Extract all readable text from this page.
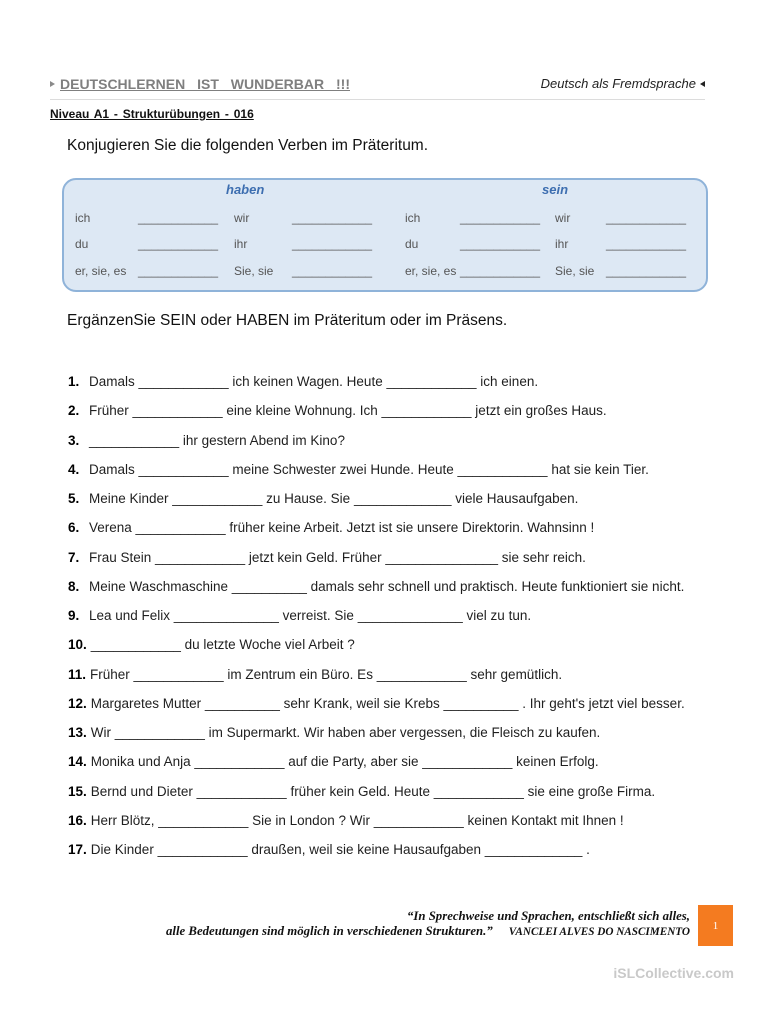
DEUTSCHLERNEN IST WUNDERBAR !!!	Deutsch als Fremdsprache
Niveau A1 - Strukturübungen - 016
Konjugieren Sie die folgenden Verben im Präteritum.
haben	sein
ich	____________ wir	____________	ich	____________ wir	____________
du	____________ ihr	____________	du	____________ ihr	____________
er, sie, es ____________ Sie, sie ____________	er, sie, es ____________ Sie, sie ____________
ErgänzenSie SEIN oder HABEN im Präteritum oder im Präsens.
1. Damals ____________ ich keinen Wagen. Heute ____________ ich einen.
2. Früher ____________ eine kleine Wohnung. Ich ____________ jetzt ein großes Haus.
3. ____________ ihr gestern Abend im Kino?
4. Damals ____________ meine Schwester zwei Hunde. Heute ____________ hat sie kein Tier.
5. Meine Kinder ____________ zu Hause. Sie _____________ viele Hausaufgaben.
6. Verena ____________ früher keine Arbeit. Jetzt ist sie unsere Direktorin. Wahnsinn !
7. Frau Stein ____________ jetzt kein Geld. Früher _______________ sie sehr reich.
8. Meine Waschmaschine __________ damals sehr schnell und praktisch. Heute funktioniert sie nicht.
9. Lea und Felix ______________ verreist. Sie ______________ viel zu tun.
10. ____________ du letzte Woche viel Arbeit ?
11. Früher ____________ im Zentrum ein Büro. Es ____________ sehr gemütlich.
12. Margaretes Mutter __________ sehr Krank, weil sie Krebs __________ . Ihr geht's jetzt viel besser.
13. Wir ____________ im Supermarkt. Wir haben aber vergessen, die Fleisch zu kaufen.
14. Monika und Anja ____________ auf die Party, aber sie ____________ keinen Erfolg.
15. Bernd und Dieter ____________ früher kein Geld. Heute ____________ sie eine große Firma.
16. Herr Blötz, ____________ Sie in London ? Wir ____________ keinen Kontakt mit Ihnen !
17. Die Kinder ____________ draußen, weil sie keine Hausaufgaben _____________ .
“In Sprechweise und Sprachen, entschließt sich alles,
alle Bedeutungen sind möglich in verschiedenen Strukturen.” VANCLEI ALVES DO NASCIMENTO
1
iSLCollective.com
